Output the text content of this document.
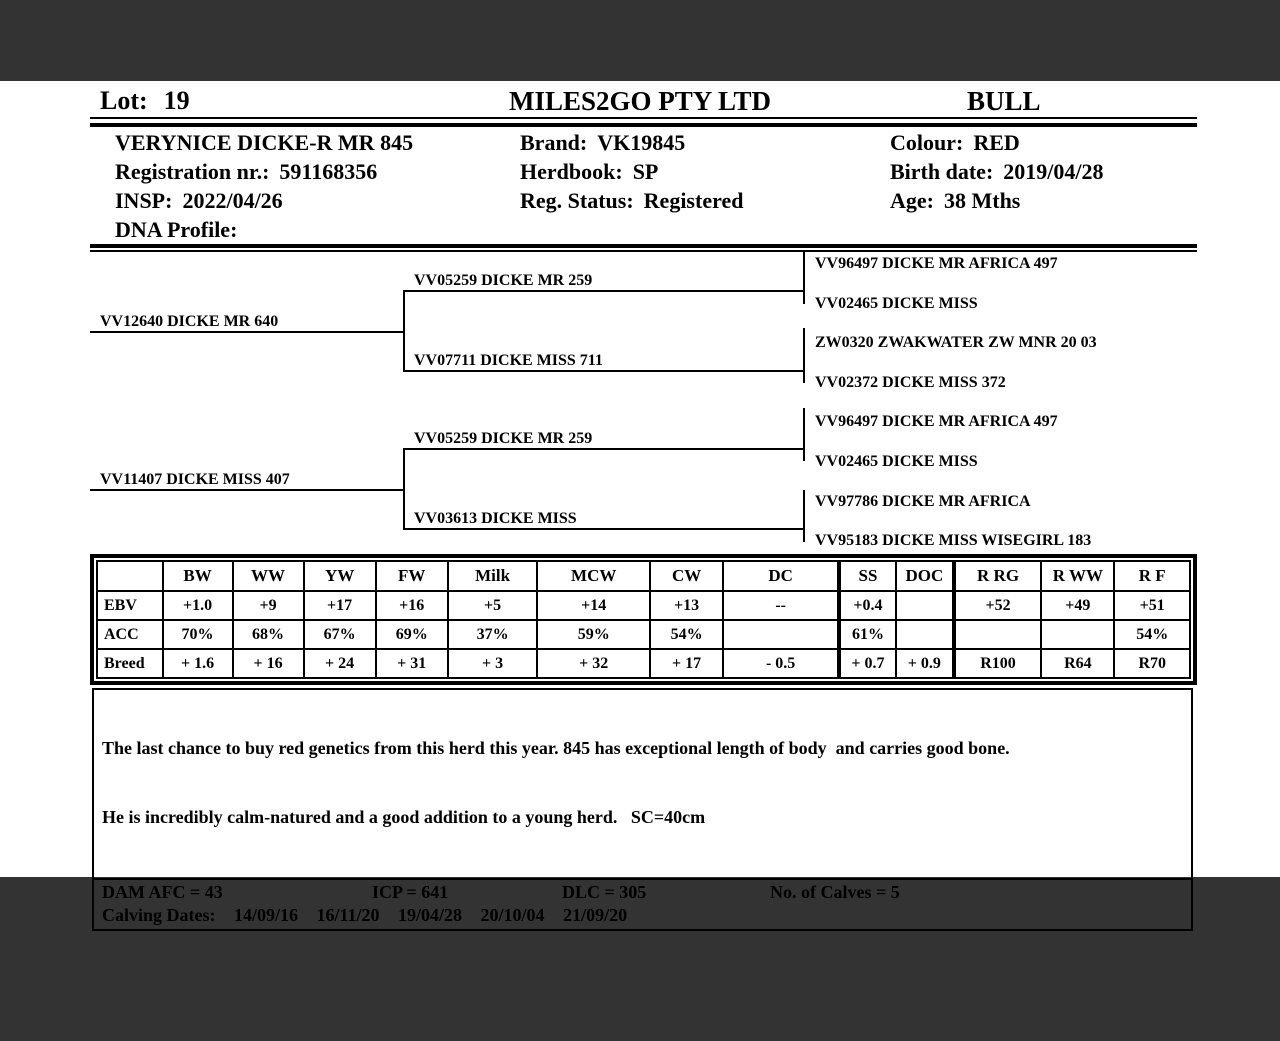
Lot: 19	MILES2GO PTY LTD	BULL
VERYNICE DICKE-R MR 845
Registration nr.: 591168356
INSP: 2022/04/26
DNA Profile:
Brand: VK19845
Herdbook: SP
Reg. Status: Registered
Colour: RED
Birth date: 2019/04/28
Age: 38 Mths
VV12640 DICKE MR 640
VV11407 DICKE MISS 407
VV05259 DICKE MR 259
VV07711 DICKE MISS 711
VV05259 DICKE MR 259
VV03613 DICKE MISS
VV96497 DICKE MR AFRICA 497
VV02465 DICKE MISS
ZW0320 ZWAKWATER ZW MNR 20 03
VV02372 DICKE MISS 372
VV96497 DICKE MR AFRICA 497
VV02465 DICKE MISS
VV97786 DICKE MR AFRICA
VV95183 DICKE MISS WISEGIRL 183
	BW	WW	YW	FW	Milk	MCW	CW	DC	SS	DOC	R RG	R WW	R F
EBV	+1.0	+9	+17	+16	+5	+14	+13	--	+0.4		+52	+49	+51
ACC	70%	68%	67%	69%	37%	59%	54%		61%				54%
Breed	+ 1.6	+ 16	+ 24	+ 31	+ 3	+ 32	+ 17	- 0.5	+ 0.7	+ 0.9	R100	R64	R70

The last chance to buy red genetics from this herd this year. 845 has exceptional length of body  and carries good bone.

He is incredibly calm-natured and a good addition to a young herd.   SC=40cm

DAM AFC = 43

	ICP = 641

	DLC = 305

	No. of Calves = 5

Calving Dates: 14/09/16 16/11/20 19/04/28 20/10/04 21/09/20
